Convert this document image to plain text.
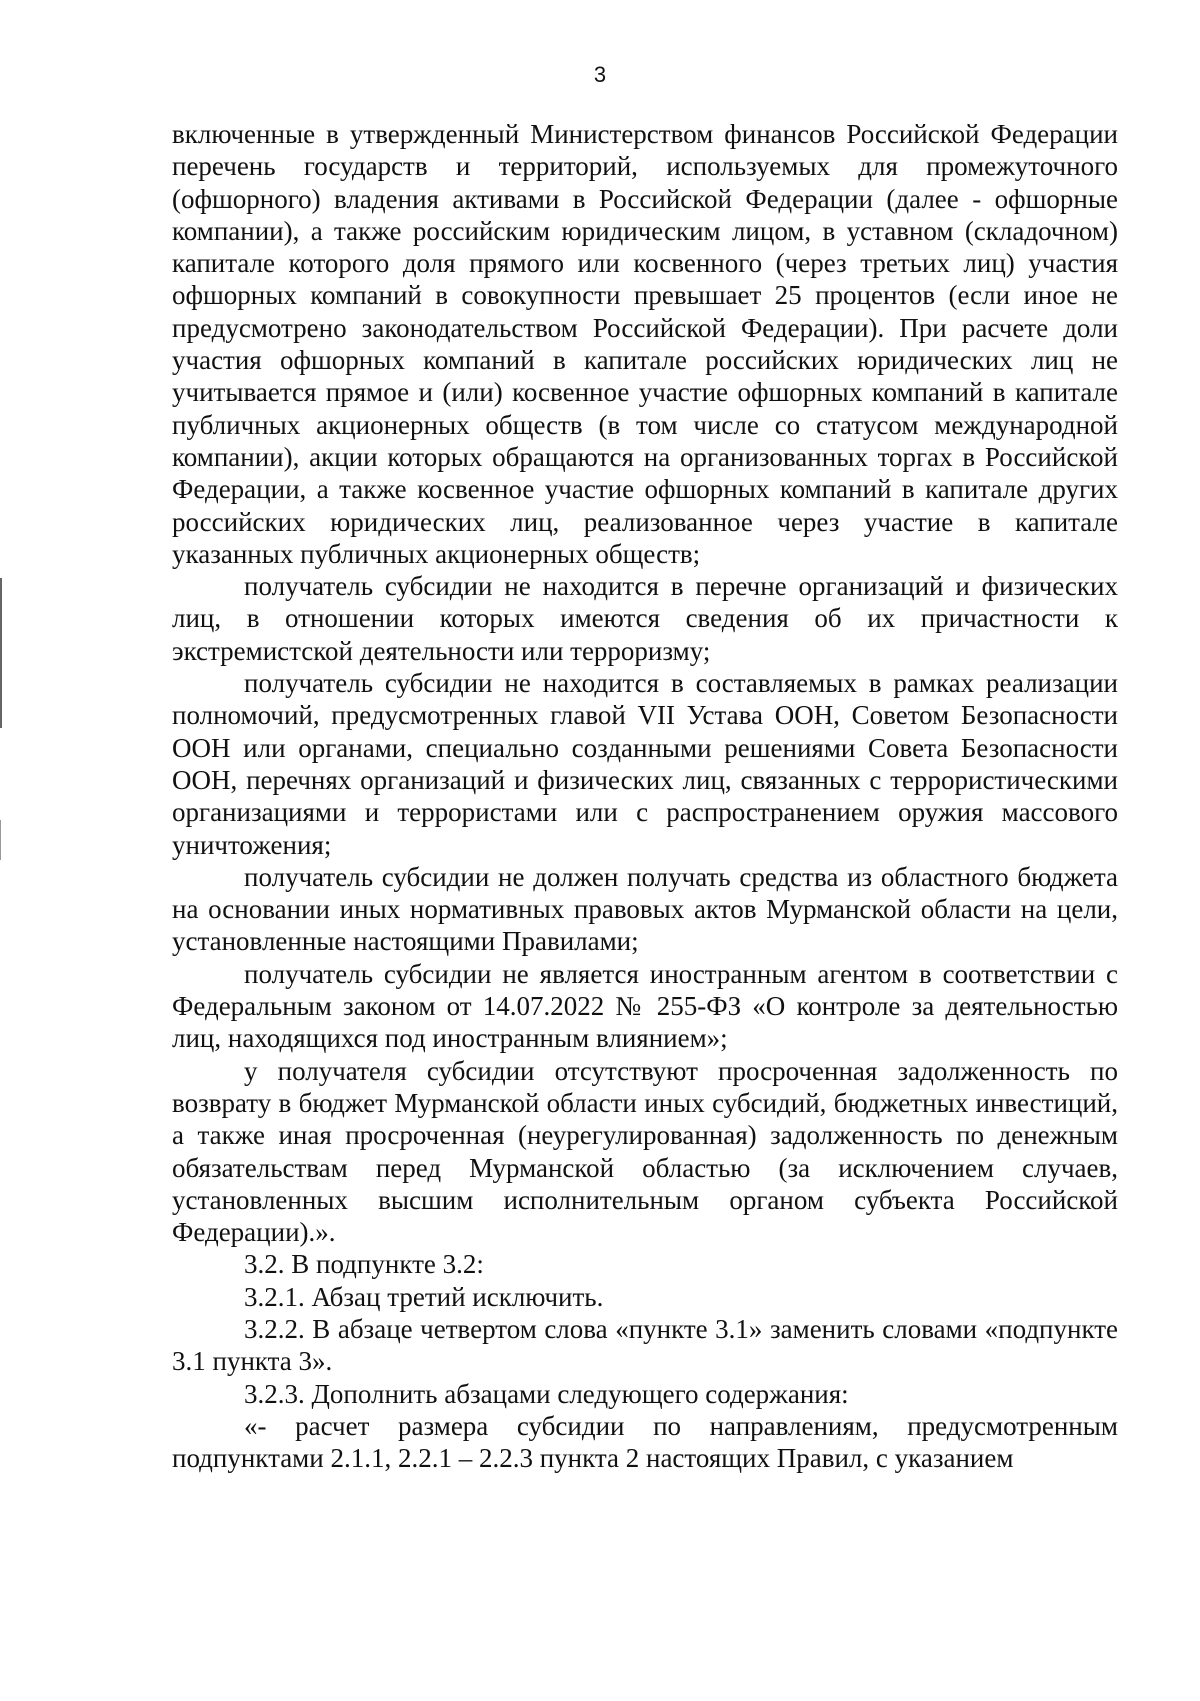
3

включенные в утвержденный Министерством финансов Российской Федерации перечень государств и территорий, используемых для промежуточного (офшорного) владения активами в Российской Федерации (далее - офшорные компании), а также российским юридическим лицом, в уставном (складочном) капитале которого доля прямого или косвенного (через третьих лиц) участия офшорных компаний в совокупности превышает 25 процентов (если иное не предусмотрено законодательством Российской Федерации). При расчете доли участия офшорных компаний в капитале российских юридических лиц не учитывается прямое и (или) косвенное участие офшорных компаний в капитале публичных акционерных обществ (в том числе со статусом международной компании), акции которых обращаются на организованных торгах в Российской Федерации, а также косвенное участие офшорных компаний в капитале других российских юридических лиц, реализованное через участие в капитале указанных публичных акционерных обществ;

получатель субсидии не находится в перечне организаций и физических лиц, в отношении которых имеются сведения об их причастности к экстремистской деятельности или терроризму;

получатель субсидии не находится в составляемых в рамках реализации полномочий, предусмотренных главой VII Устава ООН, Советом Безопасности ООН или органами, специально созданными решениями Совета Безопасности ООН, перечнях организаций и физических лиц, связанных с террористическими организациями и террористами или с распространением оружия массового уничтожения;

получатель субсидии не должен получать средства из областного бюджета на основании иных нормативных правовых актов Мурманской области на цели, установленные настоящими Правилами;

получатель субсидии не является иностранным агентом в соответствии с Федеральным законом от 14.07.2022 № 255-ФЗ «О контроле за деятельностью лиц, находящихся под иностранным влиянием»;

у получателя субсидии отсутствуют просроченная задолженность по возврату в бюджет Мурманской области иных субсидий, бюджетных инвестиций, а также иная просроченная (неурегулированная) задолженность по денежным обязательствам перед Мурманской областью (за исключением случаев, установленных высшим исполнительным органом субъекта Российской Федерации).».

3.2. В подпункте 3.2:

3.2.1. Абзац третий исключить.

3.2.2. В абзаце четвертом слова «пункте 3.1» заменить словами «подпункте 3.1 пункта 3».

3.2.3. Дополнить абзацами следующего содержания:

«- расчет размера субсидии по направлениям, предусмотренным подпунктами 2.1.1, 2.2.1 – 2.2.3 пункта 2 настоящих Правил, с указанием
